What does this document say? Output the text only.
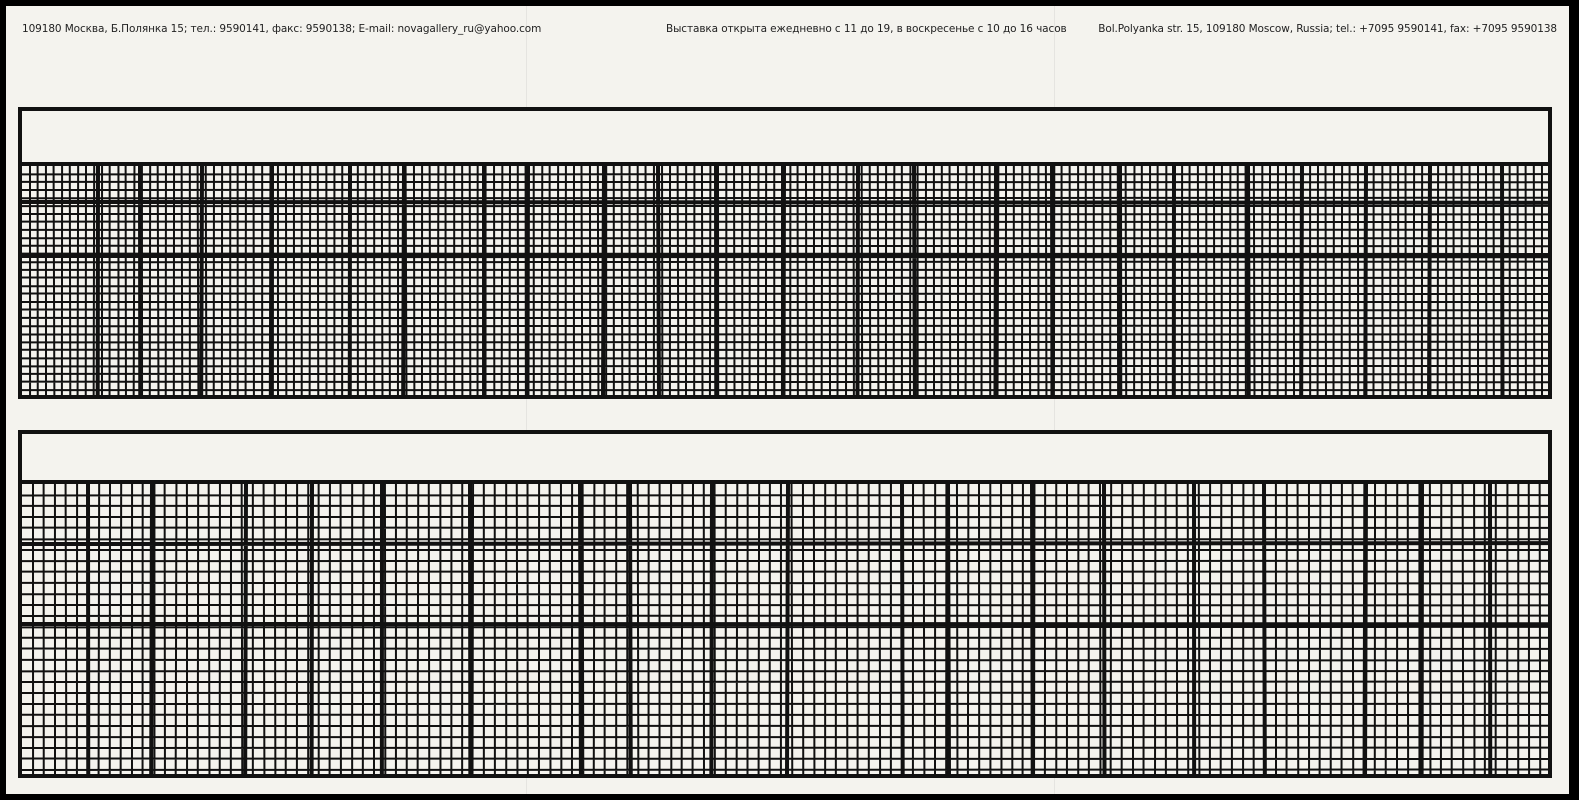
109180 Москва, Б.Полянка 15; тел.: 9590141, факс: 9590138; E-mail: novagallery_ru@yahoo.com	Выставка открыта ежедневно с 11 до 19, в воскресенье с 10 до 16 часов	Bol.Polyanka str. 15, 109180 Moscow, Russia; tel.: +7095 9590141, fax: +7095 9590138
